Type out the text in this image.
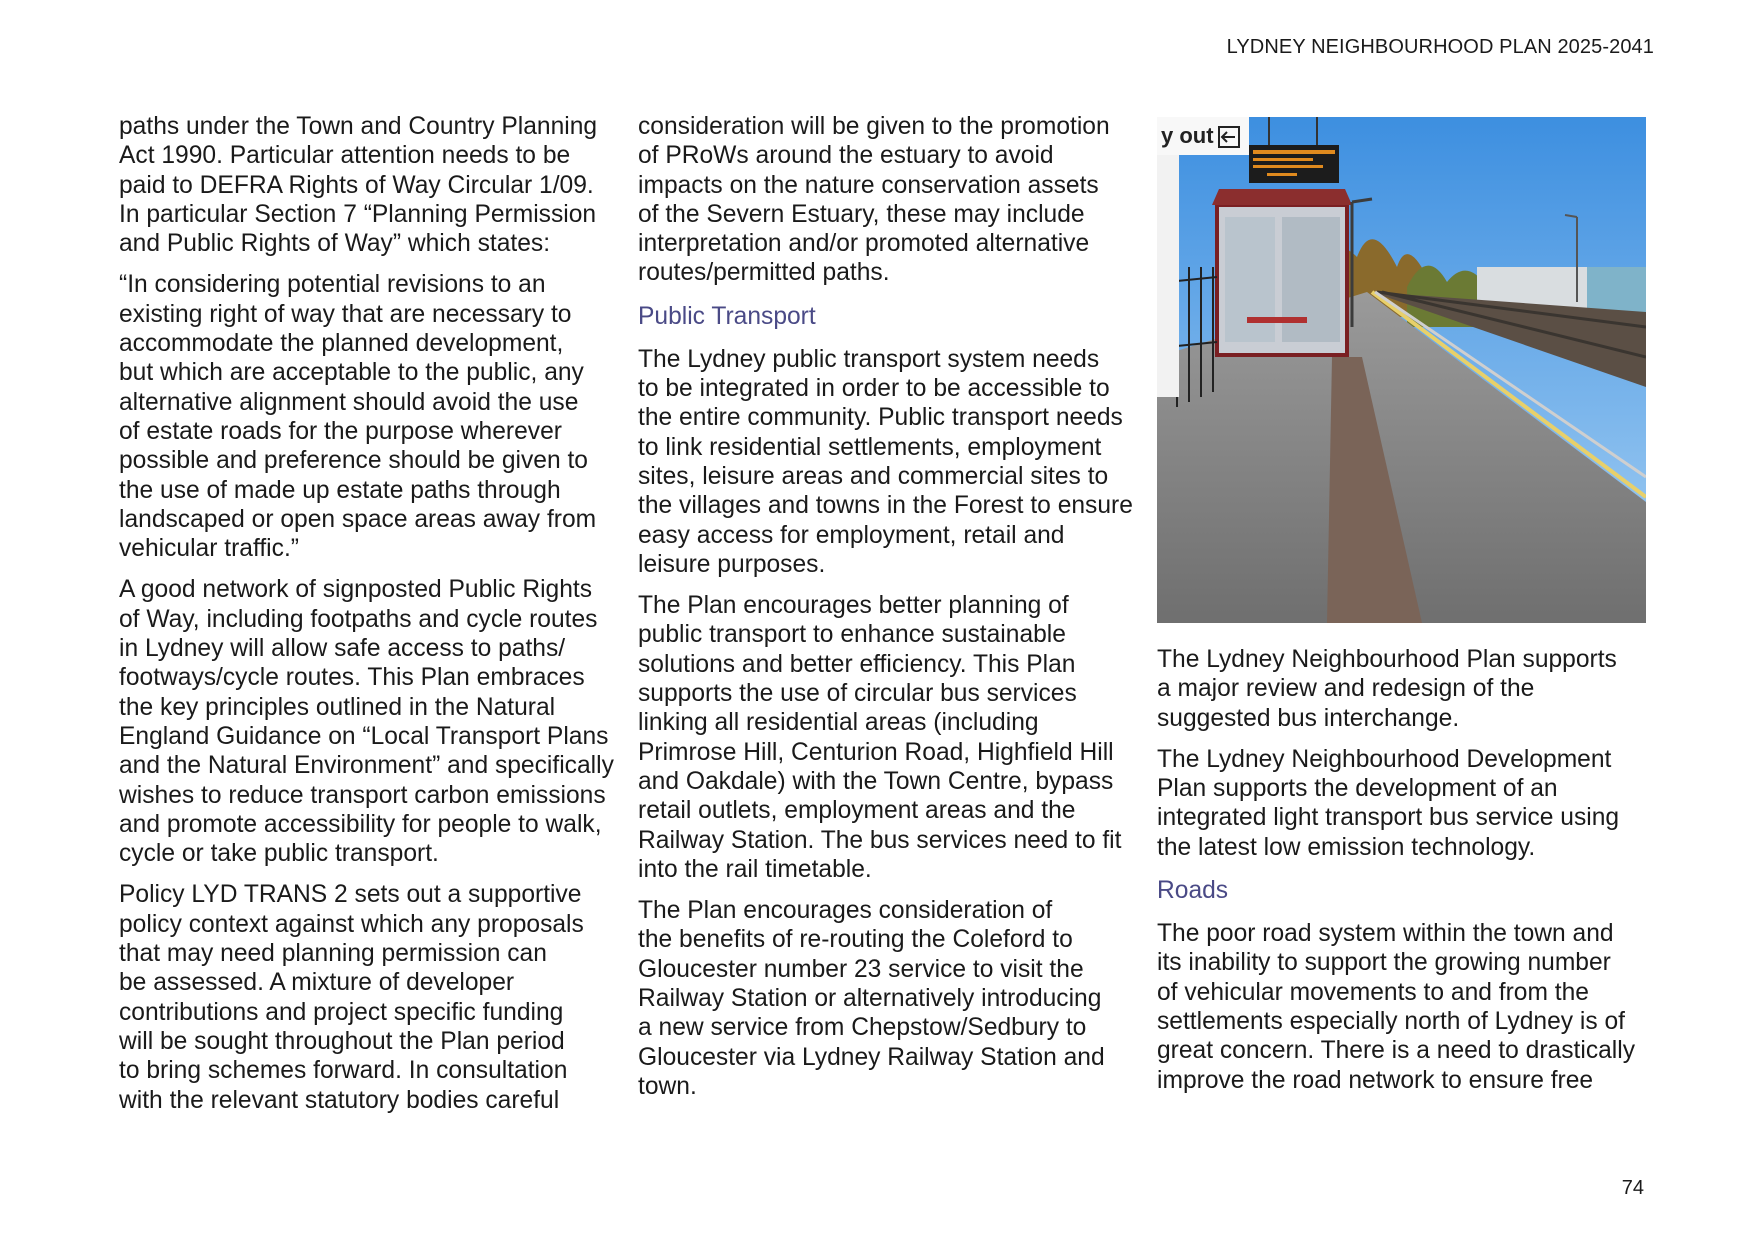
LYDNEY NEIGHBOURHOOD PLAN 2025-2041

paths under the Town and Country Planning
Act 1990. Particular attention needs to be
paid to DEFRA Rights of Way Circular 1/09.
In particular Section 7 “Planning Permission
and Public Rights of Way” which states:

“In considering potential revisions to an
existing right of way that are necessary to
accommodate the planned development,
but which are acceptable to the public, any
alternative alignment should avoid the use
of estate roads for the purpose wherever
possible and preference should be given to
the use of made up estate paths through
landscaped or open space areas away from
vehicular traffic.”

A good network of signposted Public Rights
of Way, including footpaths and cycle routes
in Lydney will allow safe access to paths/
footways/cycle routes. This Plan embraces
the key principles outlined in the Natural
England Guidance on “Local Transport Plans
and the Natural Environment” and specifically
wishes to reduce transport carbon emissions
and promote accessibility for people to walk,
cycle or take public transport.

Policy LYD TRANS 2 sets out a supportive
policy context against which any proposals
that may need planning permission can
be assessed. A mixture of developer
contributions and project specific funding
will be sought throughout the Plan period
to bring schemes forward. In consultation
with the relevant statutory bodies careful

consideration will be given to the promotion
of PRoWs around the estuary to avoid
impacts on the nature conservation assets
of the Severn Estuary, these may include
interpretation and/or promoted alternative
routes/permitted paths.

Public Transport

The Lydney public transport system needs
to be integrated in order to be accessible to
the entire community. Public transport needs
to link residential settlements, employment
sites, leisure areas and commercial sites to
the villages and towns in the Forest to ensure
easy access for employment, retail and
leisure purposes.

The Plan encourages better planning of
public transport to enhance sustainable
solutions and better efficiency. This Plan
supports the use of circular bus services
linking all residential areas (including
Primrose Hill, Centurion Road, Highfield Hill
and Oakdale) with the Town Centre, bypass
retail outlets, employment areas and the
Railway Station. The bus services need to fit
into the rail timetable.

The Plan encourages consideration of
the benefits of re-routing the Coleford to
Gloucester number 23 service to visit the
Railway Station or alternatively introducing
a new service from Chepstow/Sedbury to
Gloucester via Lydney Railway Station and
town.

y out

The Lydney Neighbourhood Plan supports
a major review and redesign of the
suggested bus interchange.

The Lydney Neighbourhood Development
Plan supports the development of an
integrated light transport bus service using
the latest low emission technology.

Roads

The poor road system within the town and
its inability to support the growing number
of vehicular movements to and from the
settlements especially north of Lydney is of
great concern. There is a need to drastically
improve the road network to ensure free

74
